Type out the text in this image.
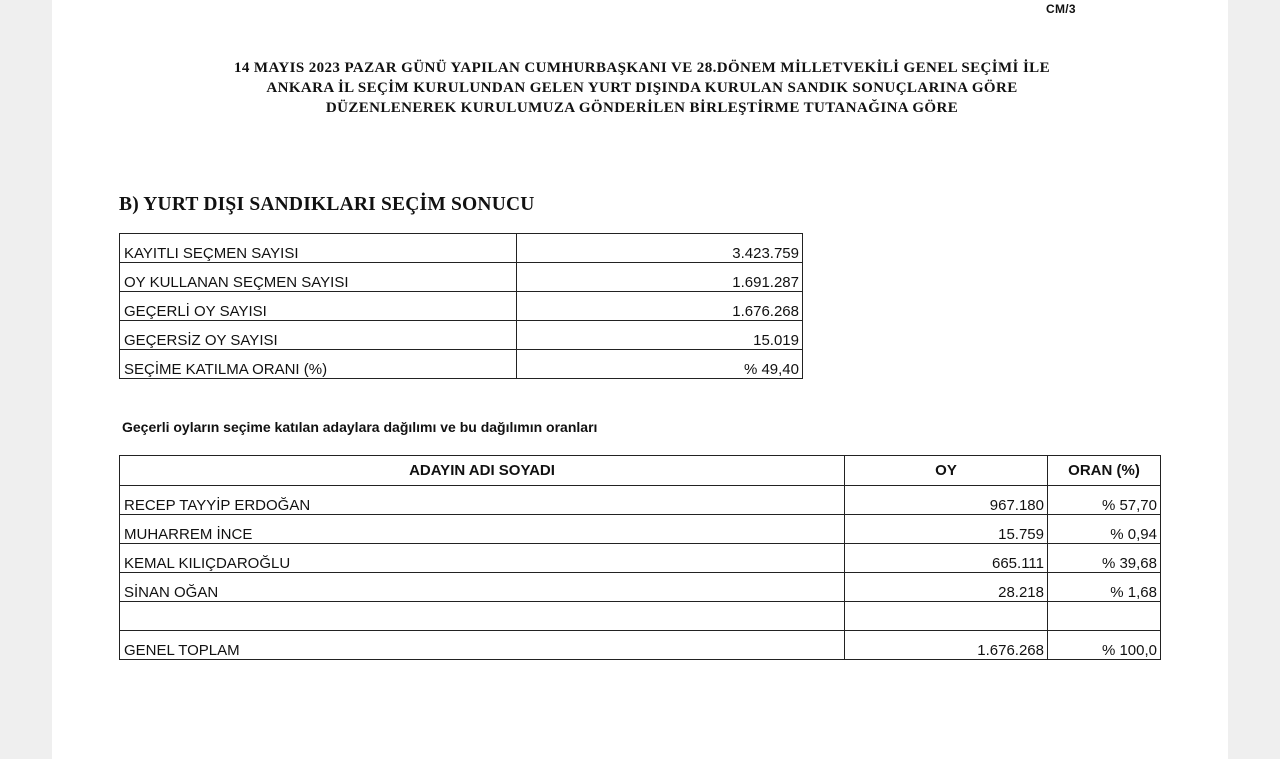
CM/3
14 MAYIS 2023 PAZAR GÜNÜ YAPILAN CUMHURBAŞKANI VE 28.DÖNEM MİLLETVEKİLİ GENEL SEÇİMİ İLE
ANKARA İL SEÇİM KURULUNDAN GELEN YURT DIŞINDA KURULAN SANDIK SONUÇLARINA GÖRE
DÜZENLENEREK KURULUMUZA GÖNDERİLEN BİRLEŞTİRME TUTANAĞINA GÖRE
B) YURT DIŞI SANDIKLARI SEÇİM SONUCU
KAYITLI SEÇMEN SAYISI	3.423.759
OY KULLANAN SEÇMEN SAYISI	1.691.287
GEÇERLİ OY SAYISI	1.676.268
GEÇERSİZ OY SAYISI	15.019
SEÇİME KATILMA ORANI (%)	% 49,40
Geçerli oyların seçime katılan adaylara dağılımı ve bu dağılımın oranları
ADAYIN ADI SOYADI	OY	ORAN (%)
RECEP TAYYİP ERDOĞAN	967.180	% 57,70
MUHARREM İNCE	15.759	% 0,94
KEMAL KILIÇDAROĞLU	665.111	% 39,68
SİNAN OĞAN	28.218	% 1,68

GENEL TOPLAM	1.676.268	% 100,0
